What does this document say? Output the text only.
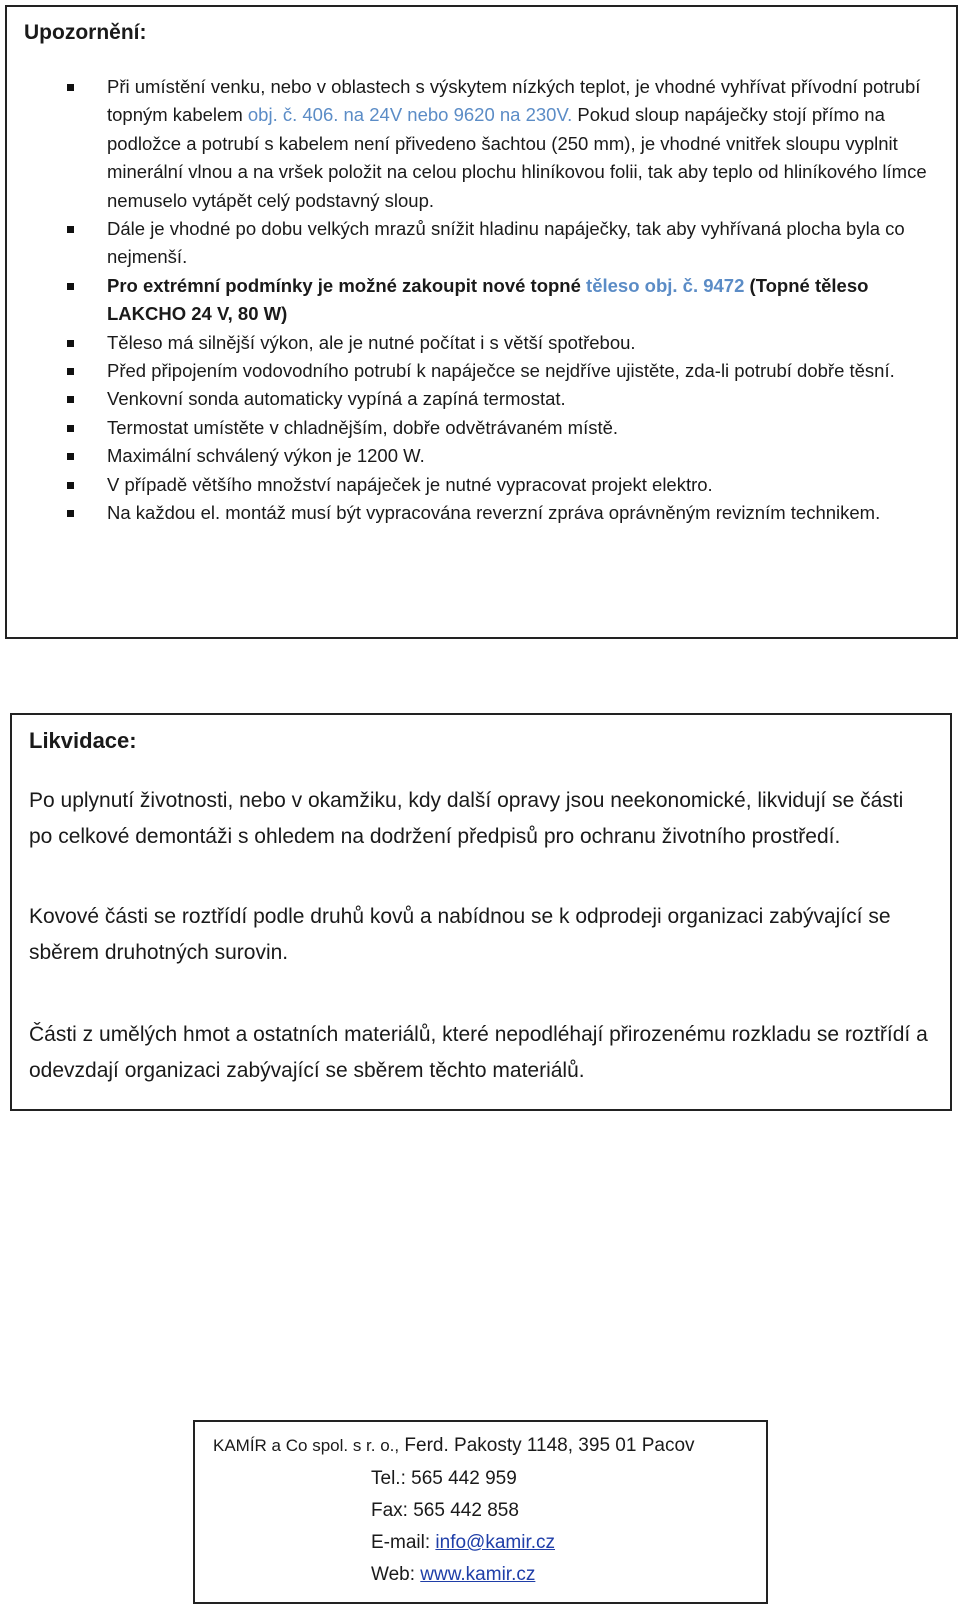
Upozornění:
Při umístění venku, nebo v oblastech s výskytem nízkých teplot, je vhodné vyhřívat přívodní potrubí topným kabelem obj. č. 406. na 24V nebo 9620 na 230V. Pokud sloup napáječky stojí přímo na podložce a potrubí s kabelem není přivedeno šachtou (250 mm), je vhodné vnitřek sloupu vyplnit minerální vlnou a na vršek položit na celou plochu hliníkovou folii, tak aby teplo od hliníkového límce nemuselo vytápět celý podstavný sloup.
Dále je vhodné po dobu velkých mrazů snížit hladinu napáječky, tak aby vyhřívaná plocha byla co nejmenší.
Pro extrémní podmínky je možné zakoupit nové topné těleso obj. č. 9472 (Topné těleso LAKCHO 24 V, 80 W)
Těleso má silnější výkon, ale je nutné počítat i s větší spotřebou.
Před připojením vodovodního potrubí k napáječce se nejdříve ujistěte, zda-li potrubí dobře těsní.
Venkovní sonda automaticky vypíná a zapíná termostat.
Termostat umístěte v chladnějším, dobře odvětrávaném místě.
Maximální schválený výkon je 1200 W.
V případě většího množství napáječek je nutné vypracovat projekt elektro.
Na každou el. montáž musí být vypracována reverzní zpráva oprávněným revizním technikem.
Likvidace:

Po uplynutí životnosti, nebo v okamžiku, kdy další opravy jsou neekonomické, likvidují se části po celkové demontáži s ohledem na dodržení předpisů pro ochranu životního prostředí.

Kovové části se roztřídí podle druhů kovů a nabídnou se k odprodeji organizaci zabývající se sběrem druhotných surovin.

Části z umělých hmot a ostatních materiálů, které nepodléhají přirozenému rozkladu se roztřídí a odevzdají organizaci zabývající se sběrem těchto materiálů.

KAMÍR a Co spol. s r. o., Ferd. Pakosty 1148, 395 01 Pacov
Tel.: 565 442 959
Fax: 565 442 858
E-mail: info@kamir.cz
Web: www.kamir.cz
